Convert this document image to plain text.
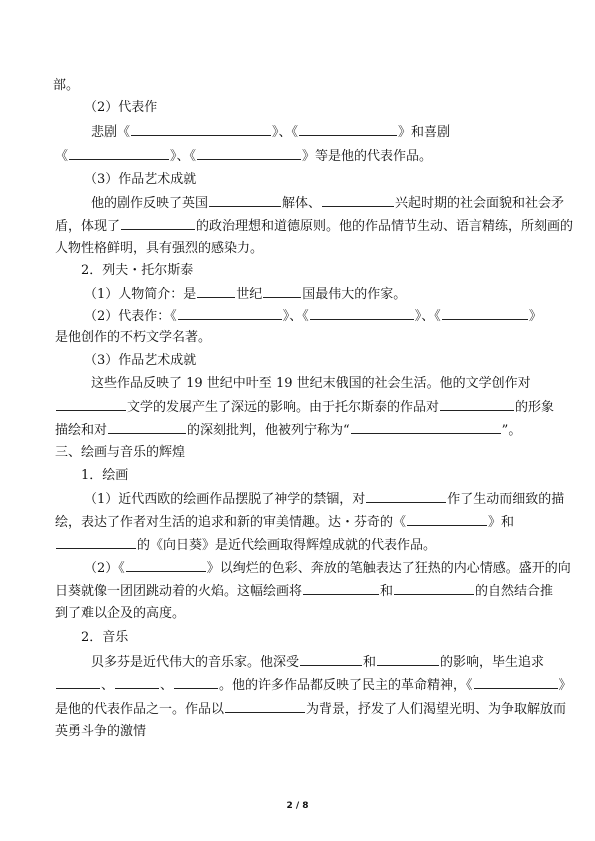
部。
（2）代表作
悲剧《	》、《	》和喜剧
《	》、《	》等是他的代表作品。
（3）作品艺术成就
他的剧作反映了英国	解体、	兴起时期的社会面貌和社会矛
盾，体现了	的政治理想和道德原则。他的作品情节生动、语言精练，所刻画的
人物性格鲜明，具有强烈的感染力。
2．列夫・托尔斯泰
（1）人物简介：是	世纪	国最伟大的作家。
（2）代表作：《	》、《	》、《	》
是他创作的不朽文学名著。
（3）作品艺术成就
这些作品反映了 19 世纪中叶至 19 世纪末俄国的社会生活。他的文学创作对
文学的发展产生了深远的影响。由于托尔斯泰的作品对	的形象
描绘和对	的深刻批判，他被列宁称为“	”。
三、绘画与音乐的辉煌
1．绘画
（1）近代西欧的绘画作品摆脱了神学的禁锢，对	作了生动而细致的描
绘，表达了作者对生活的追求和新的审美情趣。达・芬奇的《	》和
的《向日葵》是近代绘画取得辉煌成就的代表作品。
（2）《	》以绚烂的色彩、奔放的笔触表达了狂热的内心情感。盛开的向
日葵就像一团团跳动着的火焰。这幅绘画将	和	的自然结合推
到了难以企及的高度。
2．音乐
贝多芬是近代伟大的音乐家。他深受	和	的影响，毕生追求
、	、	。他的许多作品都反映了民主的革命精神，《	》
是他的代表作品之一。作品以	为背景，抒发了人们渴望光明、为争取解放而
英勇斗争的激情
2 / 8
